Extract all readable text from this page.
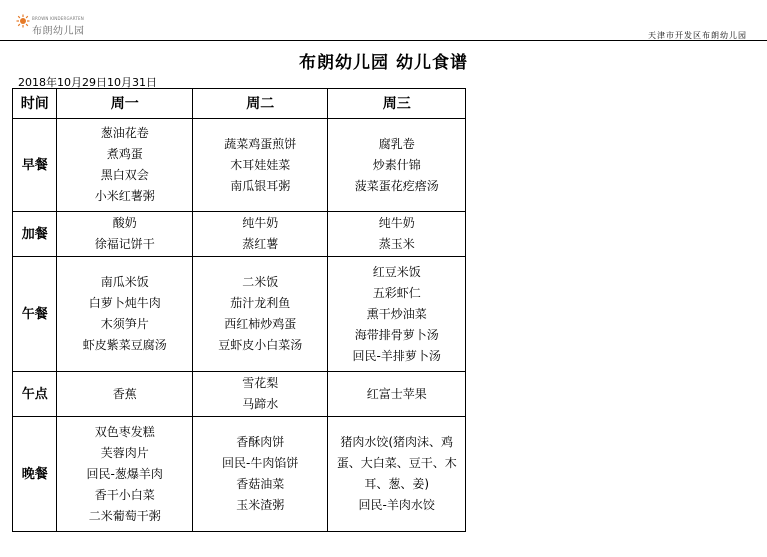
BROWN KINDERGARTEN
布朗幼儿园	天津市开发区布朗幼儿园
布朗幼儿园 幼儿食谱
2018年10月29日10月31日
时间	周一	周二	周三
早餐	葱油花卷
煮鸡蛋
黑白双会
小米红薯粥	蔬菜鸡蛋煎饼
木耳娃娃菜
南瓜银耳粥	腐乳卷
炒素什锦
菠菜蛋花疙瘩汤

加餐	酸奶
徐福记饼干	纯牛奶
蒸红薯	纯牛奶
蒸玉米

午餐	南瓜米饭
白萝卜炖牛肉
木须笋片
虾皮紫菜豆腐汤	二米饭
茄汁龙利鱼
西红柿炒鸡蛋
豆虾皮小白菜汤	红豆米饭
五彩虾仁
熏干炒油菜
海带排骨萝卜汤
回民-羊排萝卜汤

午点	香蕉	雪花梨
马蹄水	红富士苹果

晚餐	双色枣发糕
芙蓉肉片
回民-葱爆羊肉
香干小白菜
二米葡萄干粥	香酥肉饼
回民-牛肉馅饼
香菇油菜
玉米渣粥	猪肉水饺(猪肉沫、鸡蛋、大白菜、豆干、木耳、葱、姜)
回民-羊肉水饺
